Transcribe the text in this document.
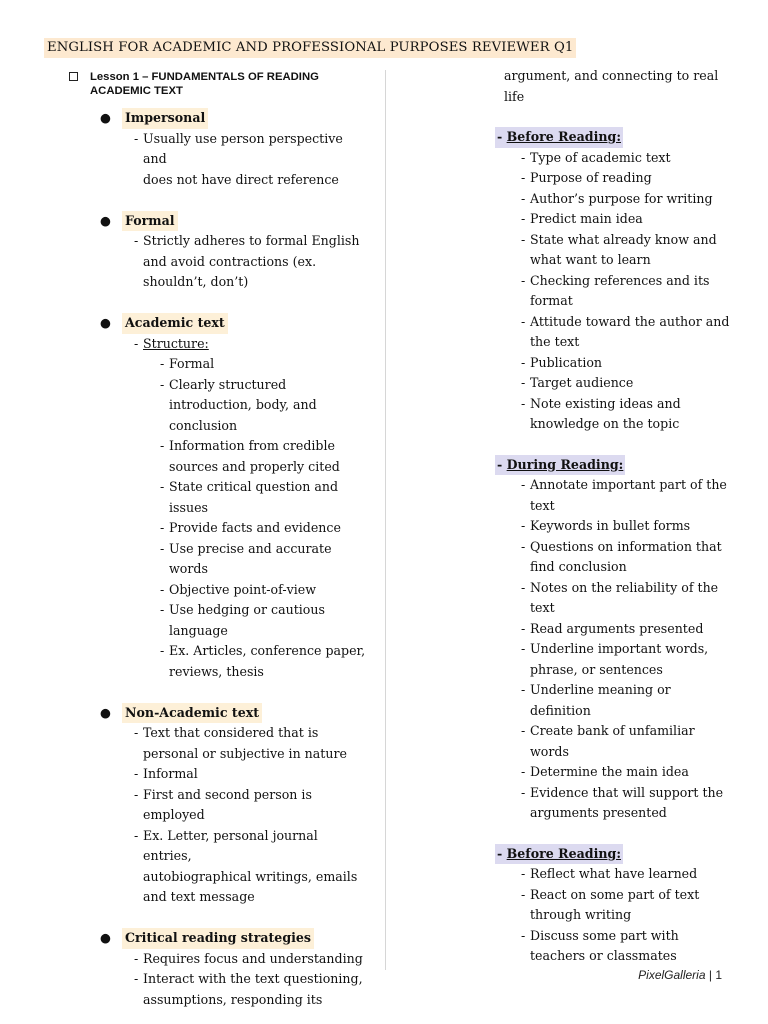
ENGLISH FOR ACADEMIC AND PROFESSIONAL PURPOSES REVIEWER Q1
Lesson 1 – FUNDAMENTALS OF READING ACADEMIC TEXT
● Impersonal
- Usually use person perspective and
does not have direct reference
● Formal
- Strictly adheres to formal English
and avoid contractions (ex.
shouldn’t, don’t)
● Academic text
- Structure:
- Formal
- Clearly structured
introduction, body, and
conclusion
- Information from credible
sources and properly cited
- State critical question and
issues
- Provide facts and evidence
- Use precise and accurate words
- Objective point-of-view
- Use hedging or cautious
language
- Ex. Articles, conference paper,
reviews, thesis
● Non-Academic text
- Text that considered that is
personal or subjective in nature
- Informal
- First and second person is
employed
- Ex. Letter, personal journal entries,
autobiographical writings, emails
and text message
● Critical reading strategies
- Requires focus and understanding
- Interact with the text questioning,
assumptions, responding its
argument, and connecting to real
life
- Before Reading:
- Type of academic text
- Purpose of reading
- Author’s purpose for writing
- Predict main idea
- State what already know and
what want to learn
- Checking references and its
format
- Attitude toward the author and
the text
- Publication
- Target audience
- Note existing ideas and
knowledge on the topic
- During Reading:
- Annotate important part of the
text
- Keywords in bullet forms
- Questions on information that
find conclusion
- Notes on the reliability of the
text
- Read arguments presented
- Underline important words,
phrase, or sentences
- Underline meaning or
definition
- Create bank of unfamiliar
words
- Determine the main idea
- Evidence that will support the
arguments presented
- Before Reading:
- Reflect what have learned
- React on some part of text
through writing
- Discuss some part with
teachers or classmates
PixelGalleria | 1
